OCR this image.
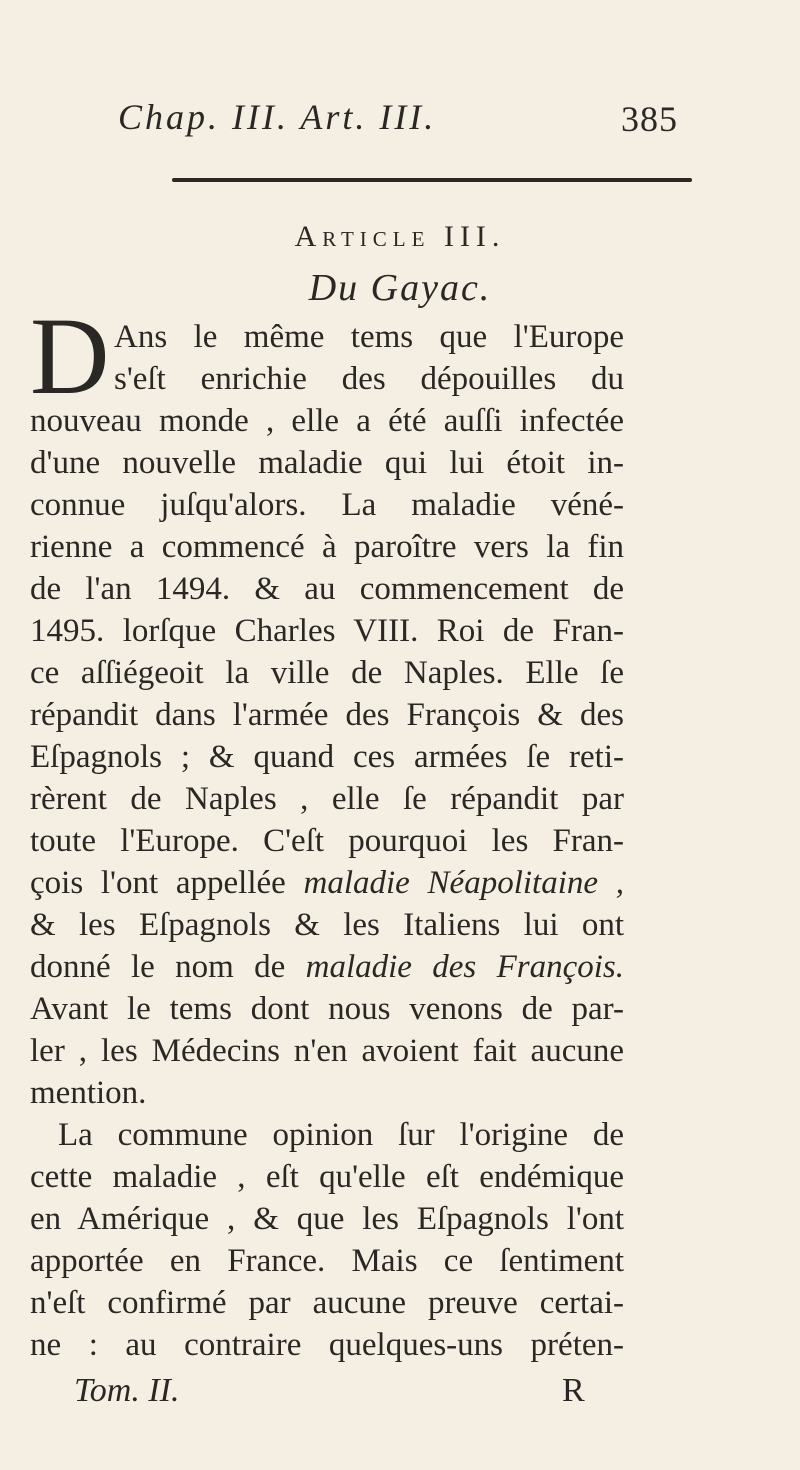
Chap. III. Art. III.	385
Article III.
Du Gayac.
D Ans le même tems que l'Europe
s'eſt enrichie des dépouilles du
nouveau monde , elle a été auſſi infectée
d'une nouvelle maladie qui lui étoit in-
connue juſqu'alors. La maladie véné-
rienne a commencé à paroître vers la fin
de l'an 1494. & au commencement de
1495. lorſque Charles VIII. Roi de Fran-
ce aſſiégeoit la ville de Naples. Elle ſe
répandit dans l'armée des François & des
Eſpagnols ; & quand ces armées ſe reti-
rèrent de Naples , elle ſe répandit par
toute l'Europe. C'eſt pourquoi les Fran-
çois l'ont appellée maladie Néapolitaine ,
& les Eſpagnols & les Italiens lui ont
donné le nom de maladie des François.
Avant le tems dont nous venons de par-
ler , les Médecins n'en avoient fait aucune
mention.
La commune opinion ſur l'origine de
cette maladie , eſt qu'elle eſt endémique
en Amérique , & que les Eſpagnols l'ont
apportée en France. Mais ce ſentiment
n'eſt confirmé par aucune preuve certai-
ne : au contraire quelques-uns préten-
Tom. II.	R
